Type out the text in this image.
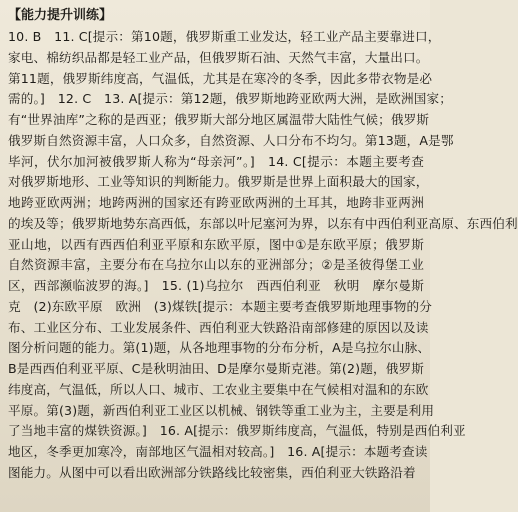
【能力提升训练】
10. B　11. C[提示：第10题，俄罗斯重工业发达，轻工业产品主要靠进口，
家电、棉纺织品都是轻工业产品，但俄罗斯石油、天然气丰富，大量出口。
第11题，俄罗斯纬度高，气温低，尤其是在寒冷的冬季，因此多带衣物是必
需的。]　12. C　13. A[提示：第12题，俄罗斯地跨亚欧两大洲，是欧洲国家；
有“世界油库”之称的是西亚；俄罗斯大部分地区属温带大陆性气候；俄罗斯
俄罗斯自然资源丰富，人口众多，自然资源、人口分布不均匀。第13题，A是鄂
毕河，伏尔加河被俄罗斯人称为“母亲河”。]　14. C[提示：本题主要考查
对俄罗斯地形、工业等知识的判断能力。俄罗斯是世界上面积最大的国家，
地跨亚欧两洲；地跨两洲的国家还有跨亚欧两洲的土耳其，地跨非亚两洲
的埃及等；俄罗斯地势东高西低，东部以叶尼塞河为界，以东有中西伯利亚高原、东西伯利
亚山地，以西有西西伯利亚平原和东欧平原，图中①是东欧平原；俄罗斯
自然资源丰富，主要分布在乌拉尔山以东的亚洲部分；②是圣彼得堡工业
区，西部濒临波罗的海。]　15. (1)乌拉尔　西西伯利亚　秋明　摩尔曼斯
克　(2)东欧平原　欧洲　(3)煤铁[提示：本题主要考查俄罗斯地理事物的分
布、工业区分布、工业发展条件、西伯利亚大铁路沿南部修建的原因以及读
图分析问题的能力。第(1)题，从各地理事物的分布分析，A是乌拉尔山脉、
B是西西伯利亚平原、C是秋明油田、D是摩尔曼斯克港。第(2)题，俄罗斯
纬度高，气温低，所以人口、城市、工农业主要集中在气候相对温和的东欧
平原。第(3)题，新西伯利亚工业区以机械、钢铁等重工业为主，主要是利用
了当地丰富的煤铁资源。]　16. A[提示：俄罗斯纬度高，气温低，特别是西伯利亚
地区，冬季更加寒冷，南部地区气温相对较高。]　16. A[提示：本题考查读
图能力。从图中可以看出欧洲部分铁路线比较密集，西伯利亚大铁路沿着
